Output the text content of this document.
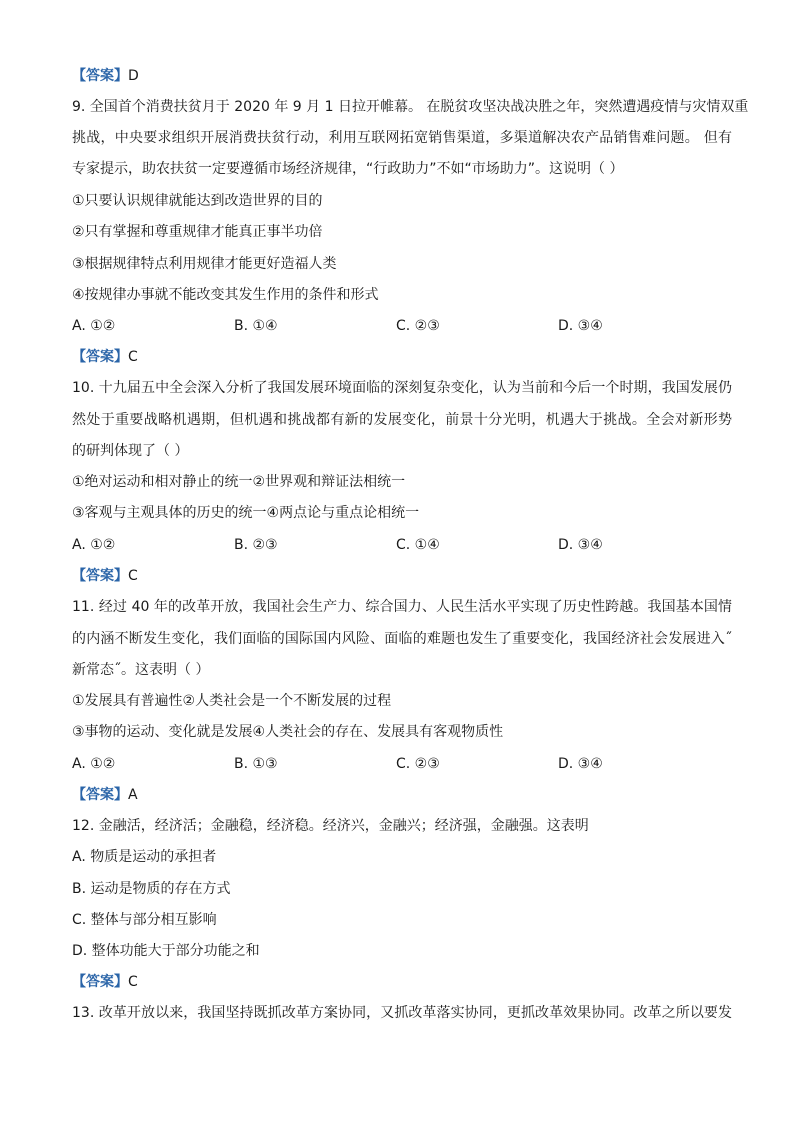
【答案】D
9. 全国首个消费扶贫月于 2020 年 9 月 1 日拉开帷幕。 在脱贫攻坚决战决胜之年，突然遭遇疫情与灾情双重
挑战，中央要求组织开展消费扶贫行动，利用互联网拓宽销售渠道，多渠道解决农产品销售难问题。 但有
专家提示，助农扶贫一定要遵循市场经济规律，“行政助力”不如“市场助力”。这说明（ ）
①只要认识规律就能达到改造世界的目的
②只有掌握和尊重规律才能真正事半功倍
③根据规律特点利用规律才能更好造福人类
④按规律办事就不能改变其发生作用的条件和形式
A. ①②	B. ①④	C. ②③	D. ③④
【答案】C
10. 十九届五中全会深入分析了我国发展环境面临的深刻复杂变化，认为当前和今后一个时期，我国发展仍
然处于重要战略机遇期，但机遇和挑战都有新的发展变化，前景十分光明，机遇大于挑战。全会对新形势
的研判体现了（ ）
①绝对运动和相对静止的统一②世界观和辩证法相统一
③客观与主观具体的历史的统一④两点论与重点论相统一
A. ①②	B. ②③	C. ①④	D. ③④
【答案】C
11. 经过 40 年的改革开放，我国社会生产力、综合国力、人民生活水平实现了历史性跨越。我国基本国情
的内涵不断发生变化，我们面临的国际国内风险、面临的难题也发生了重要变化，我国经济社会发展进入˝
新常态˝。这表明（ ）
①发展具有普遍性②人类社会是一个不断发展的过程
③事物的运动、变化就是发展④人类社会的存在、发展具有客观物质性
A. ①②	B. ①③	C. ②③	D. ③④
【答案】A
12. 金融活，经济活；金融稳，经济稳。经济兴，金融兴；经济强，金融强。这表明
A. 物质是运动的承担者
B. 运动是物质的存在方式
C. 整体与部分相互影响
D. 整体功能大于部分功能之和
【答案】C
13. 改革开放以来，我国坚持既抓改革方案协同，又抓改革落实协同，更抓改革效果协同。改革之所以要发
